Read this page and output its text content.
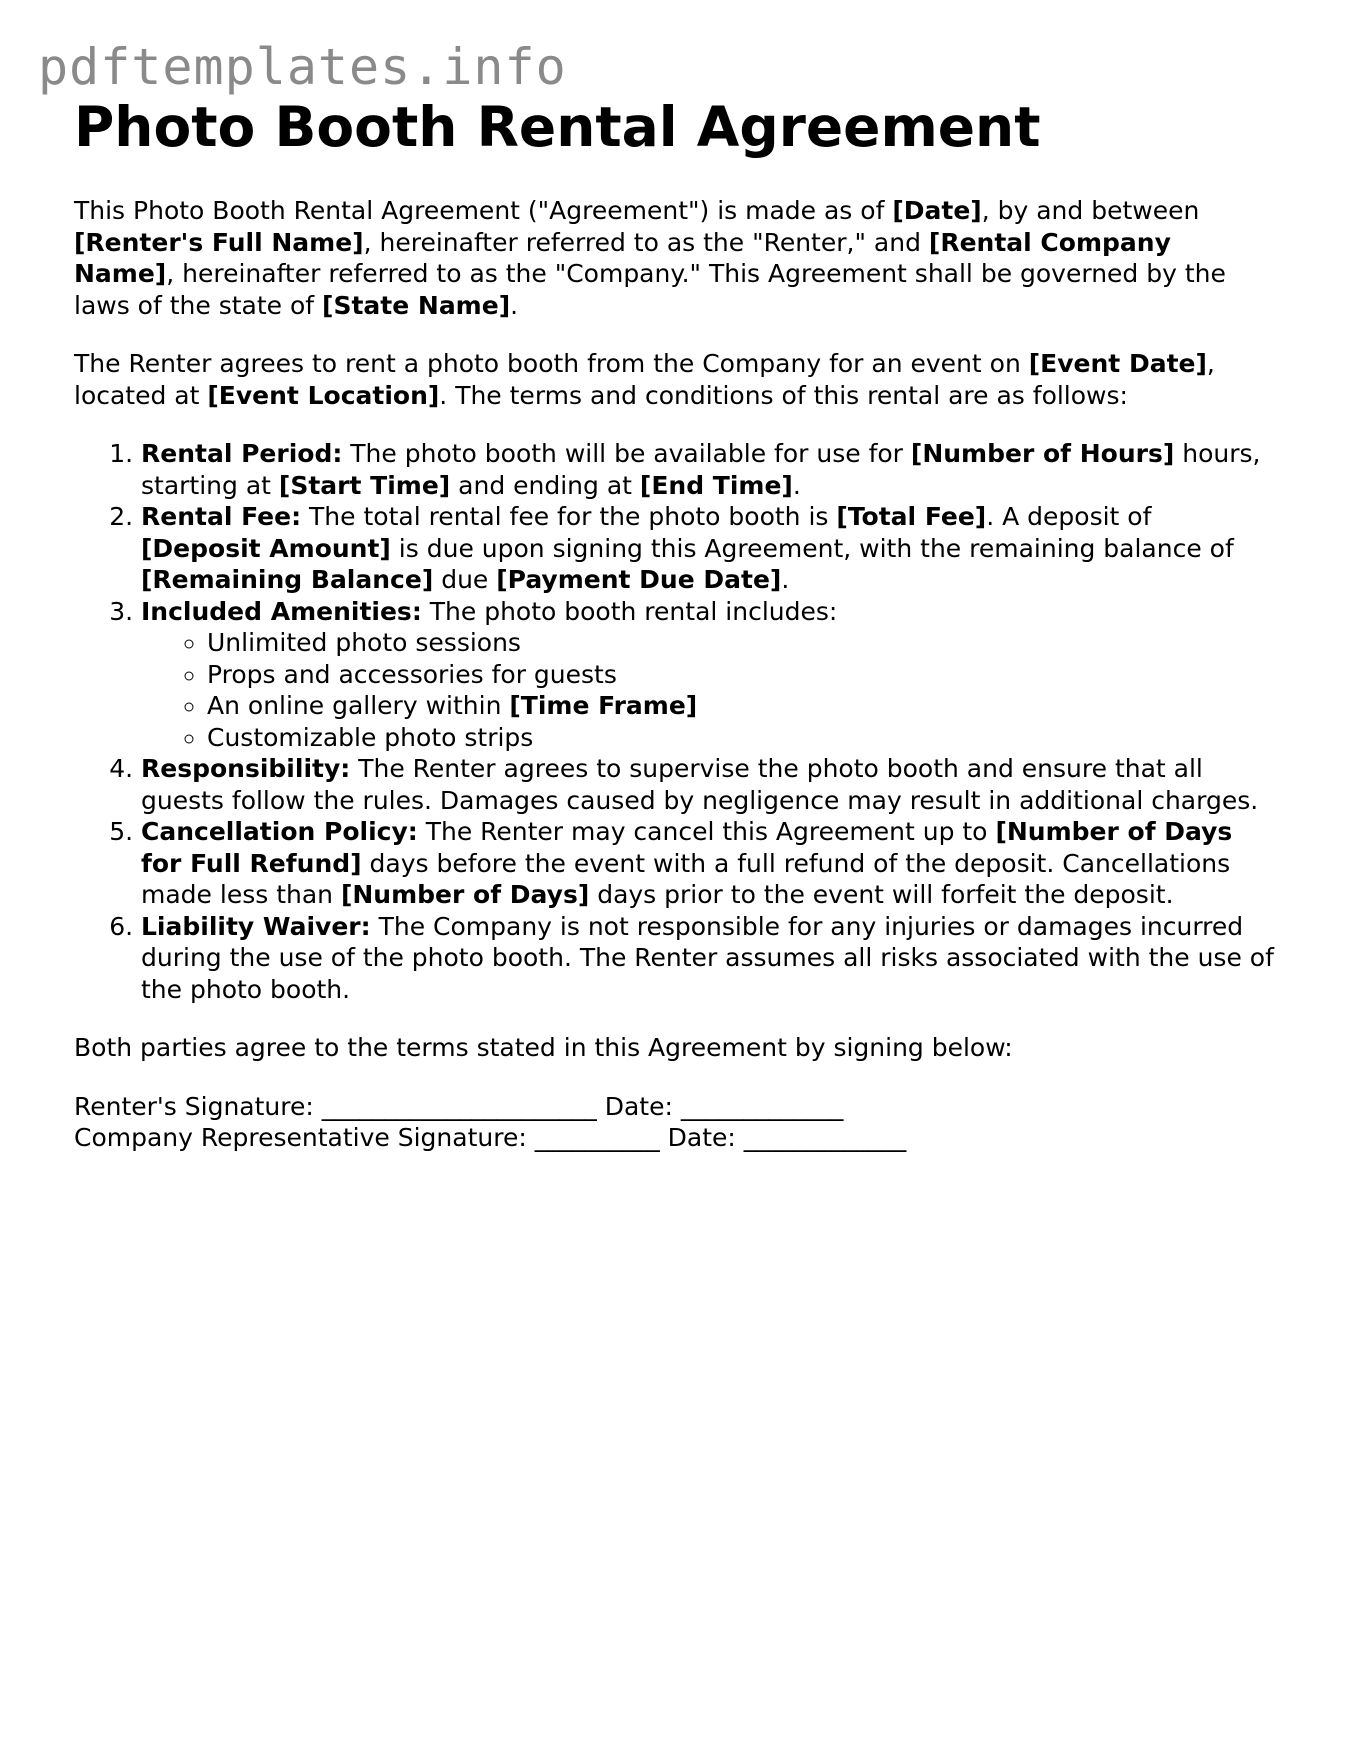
pdftemplates.info
Photo Booth Rental Agreement

This Photo Booth Rental Agreement ("Agreement") is made as of [Date], by and between [Renter's Full Name], hereinafter referred to as the "Renter," and [Rental Company Name], hereinafter referred to as the "Company." This Agreement shall be governed by the laws of the state of [State Name].

The Renter agrees to rent a photo booth from the Company for an event on [Event Date], located at [Event Location]. The terms and conditions of this rental are as follows:

1. Rental Period: The photo booth will be available for use for [Number of Hours] hours, starting at [Start Time] and ending at [End Time].
2. Rental Fee: The total rental fee for the photo booth is [Total Fee]. A deposit of [Deposit Amount] is due upon signing this Agreement, with the remaining balance of [Remaining Balance] due [Payment Due Date].
3. Included Amenities: The photo booth rental includes:
◦ Unlimited photo sessions
◦ Props and accessories for guests
◦ An online gallery within [Time Frame]
◦ Customizable photo strips
4. Responsibility: The Renter agrees to supervise the photo booth and ensure that all guests follow the rules. Damages caused by negligence may result in additional charges.
5. Cancellation Policy: The Renter may cancel this Agreement up to [Number of Days for Full Refund] days before the event with a full refund of the deposit. Cancellations made less than [Number of Days] days prior to the event will forfeit the deposit.
6. Liability Waiver: The Company is not responsible for any injuries or damages incurred during the use of the photo booth. The Renter assumes all risks associated with the use of the photo booth.

Both parties agree to the terms stated in this Agreement by signing below:

Renter's Signature: ______________________ Date: _____________
Company Representative Signature: __________ Date: _____________
